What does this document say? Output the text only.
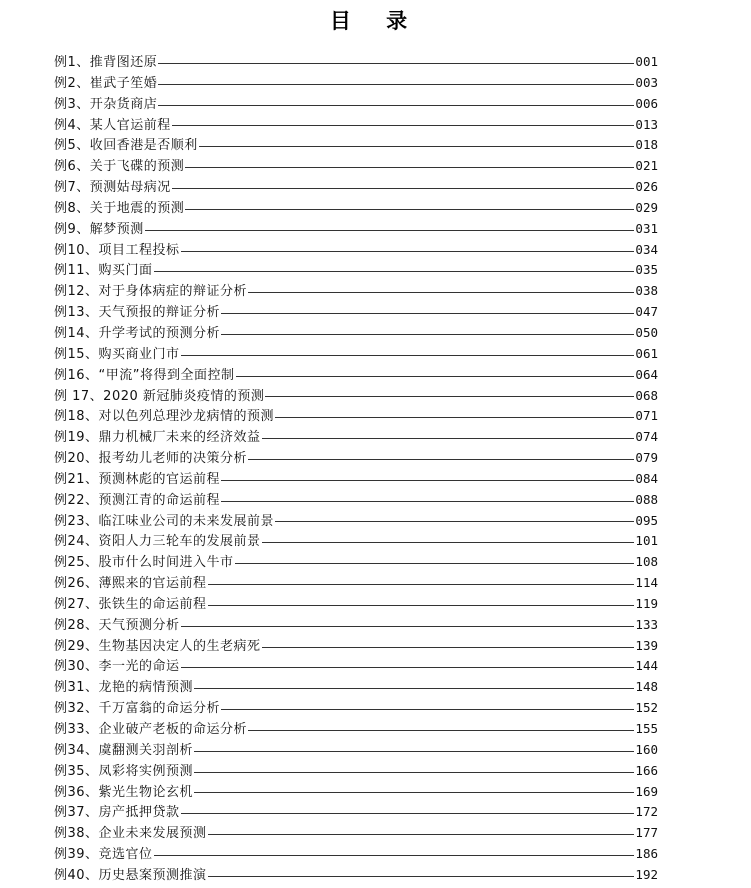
目 录
例1、推背图还原	001
例2、崔武子笙婚	003
例3、开杂货商店	006
例4、某人官运前程	013
例5、收回香港是否顺利	018
例6、关于飞碟的预测	021
例7、预测姑母病况	026
例8、关于地震的预测	029
例9、解梦预测	031
例10、项目工程投标	034
例11、购买门面	035
例12、对于身体病症的辩证分析	038
例13、天气预报的辩证分析	047
例14、升学考试的预测分析	050
例15、购买商业门市	061
例16、“甲流”将得到全面控制	064
例 17、2020 新冠肺炎疫情的预测	068
例18、对以色列总理沙龙病情的预测	071
例19、鼎力机械厂未来的经济效益	074
例20、报考幼儿老师的决策分析	079
例21、预测林彪的官运前程	084
例22、预测江青的命运前程	088
例23、临江味业公司的未来发展前景	095
例24、资阳人力三轮车的发展前景	101
例25、股市什么时间进入牛市	108
例26、薄熙来的官运前程	114
例27、张铁生的命运前程	119
例28、天气预测分析	133
例29、生物基因决定人的生老病死	139
例30、李一光的命运	144
例31、龙艳的病情预测	148
例32、千万富翁的命运分析	152
例33、企业破产老板的命运分析	155
例34、虞翻测关羽剖析	160
例35、凤彩将实例预测	166
例36、紫光生物论玄机	169
例37、房产抵押贷款	172
例38、企业未来发展预测	177
例39、竞选官位	186
例40、历史悬案预测推演	192
